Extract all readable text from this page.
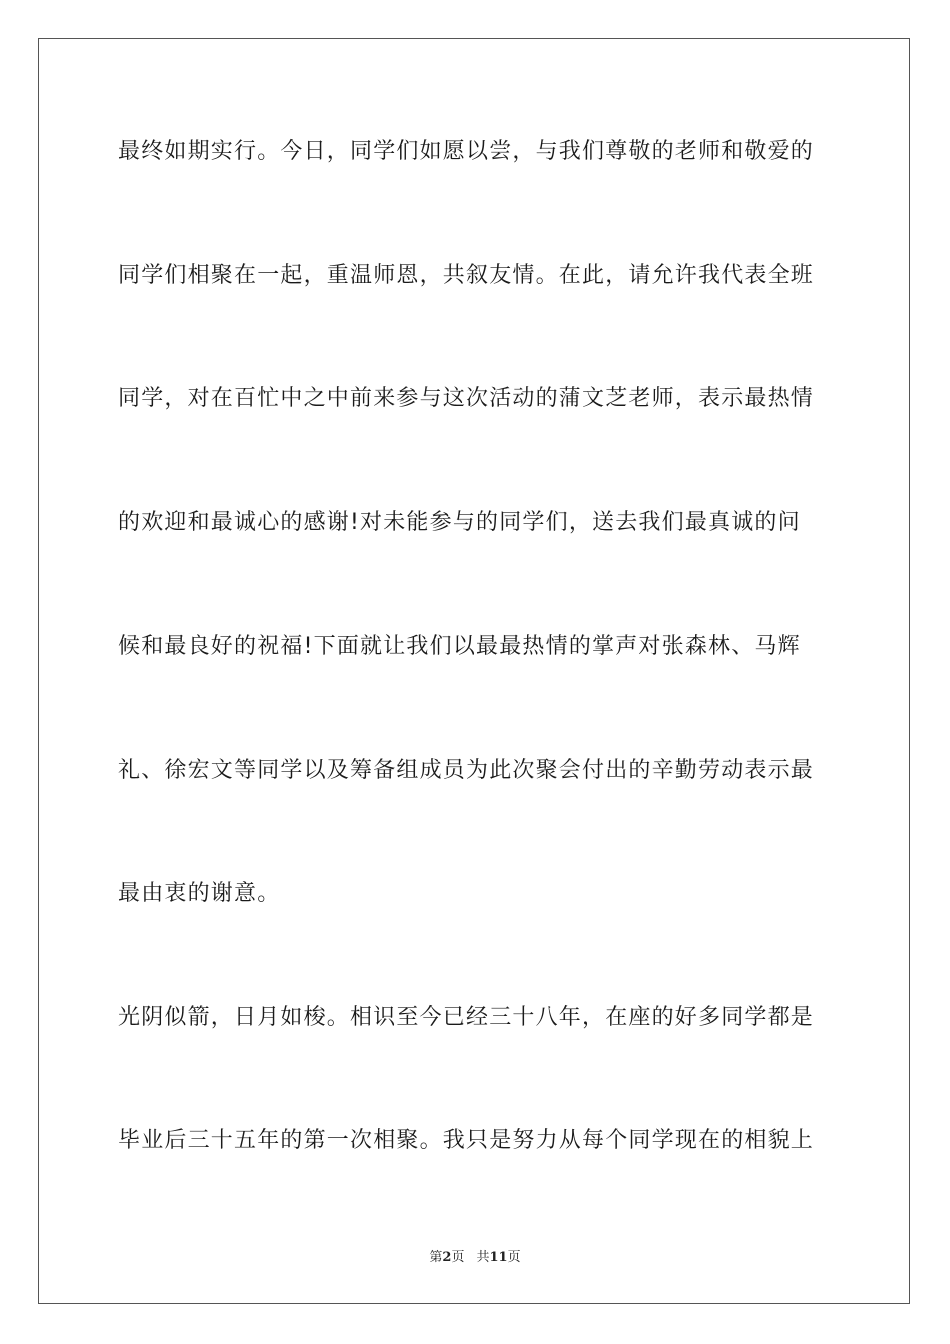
最终如期实行。今日，同学们如愿以尝，与我们尊敬的老师和敬爱的
同学们相聚在一起，重温师恩，共叙友情。在此，请允许我代表全班
同学，对在百忙中之中前来参与这次活动的蒲文芝老师，表示最热情
的欢迎和最诚心的感谢!对未能参与的同学们，送去我们最真诚的问
候和最良好的祝福!下面就让我们以最最热情的掌声对张森林、马辉
礼、徐宏文等同学以及筹备组成员为此次聚会付出的辛勤劳动表示最
最由衷的谢意。
光阴似箭，日月如梭。相识至今已经三十八年，在座的好多同学都是
毕业后三十五年的第一次相聚。我只是努力从每个同学现在的相貌上
第2页 共11页
